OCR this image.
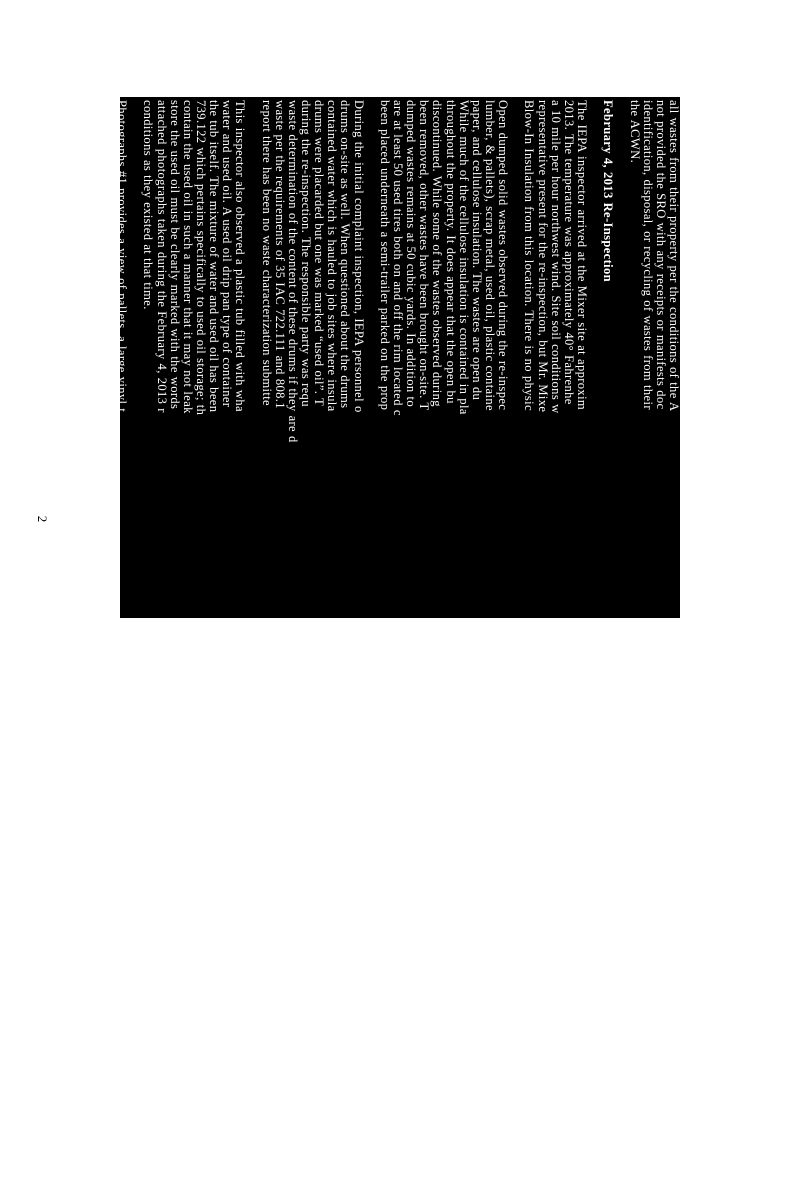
2

all wastes from their property per the conditions of the A
not provided the SRO with any receipts or manifests doc
identification, disposal, or recycling of wastes from their
the ACWN.

February 4, 2013 Re-Inspection

The IEPA inspector arrived at the Mixer site at approxim
2013. The temperature was approximately 40° Fahrenhe
a 10 mile per hour northwest wind. Site soil conditions w
representative present for the re-inspection, but Mr. Mixe
Blow-In Insulation from this location. There is no physic

Open dumped solid wastes observed during the re-inspec
lumber, & pallets), scrap metal, used oil, plastic containe
paper, and cellulose insulation. The wastes are open du
While much of the cellulose insulation is contained in pla
throughout the property. It does appear that the open bu
discontinued. While some of the wastes observed during
been removed, other wastes have been brought on-site. T
dumped wastes remains at 50 cubic yards. In addition to
are at least 50 used tires both on and off the rim located c
been placed underneath a semi-trailer parked on the prop

During the initial complaint inspection, IEPA personnel o
drums on-site as well. When questioned about the drums
contained water which is hauled to job sites where insula
drums were placarded but one was marked “used oil”. T
during the re-inspection. The responsible party was requ
waste determination of the content of these drums if they are d
waste per the requirements of 35 IAC 722.111 and 808.1
report there has been no waste characterization submitte

This inspector also observed a plastic tub filled with wha
water and used oil. A used oil drip pan type of container
the tub itself. The mixture of water and used oil has been
739.122 which pertains specifically to used oil storage; th
contain the used oil in such a manner that it may not leak
store the used oil must be clearly marked with the words
attached photographs taken during the February 4, 2013 r
conditions as they existed at that time.

Photographs #1 provides a view of pallets, a large vinyl t
open dumped at the Mixer site.
